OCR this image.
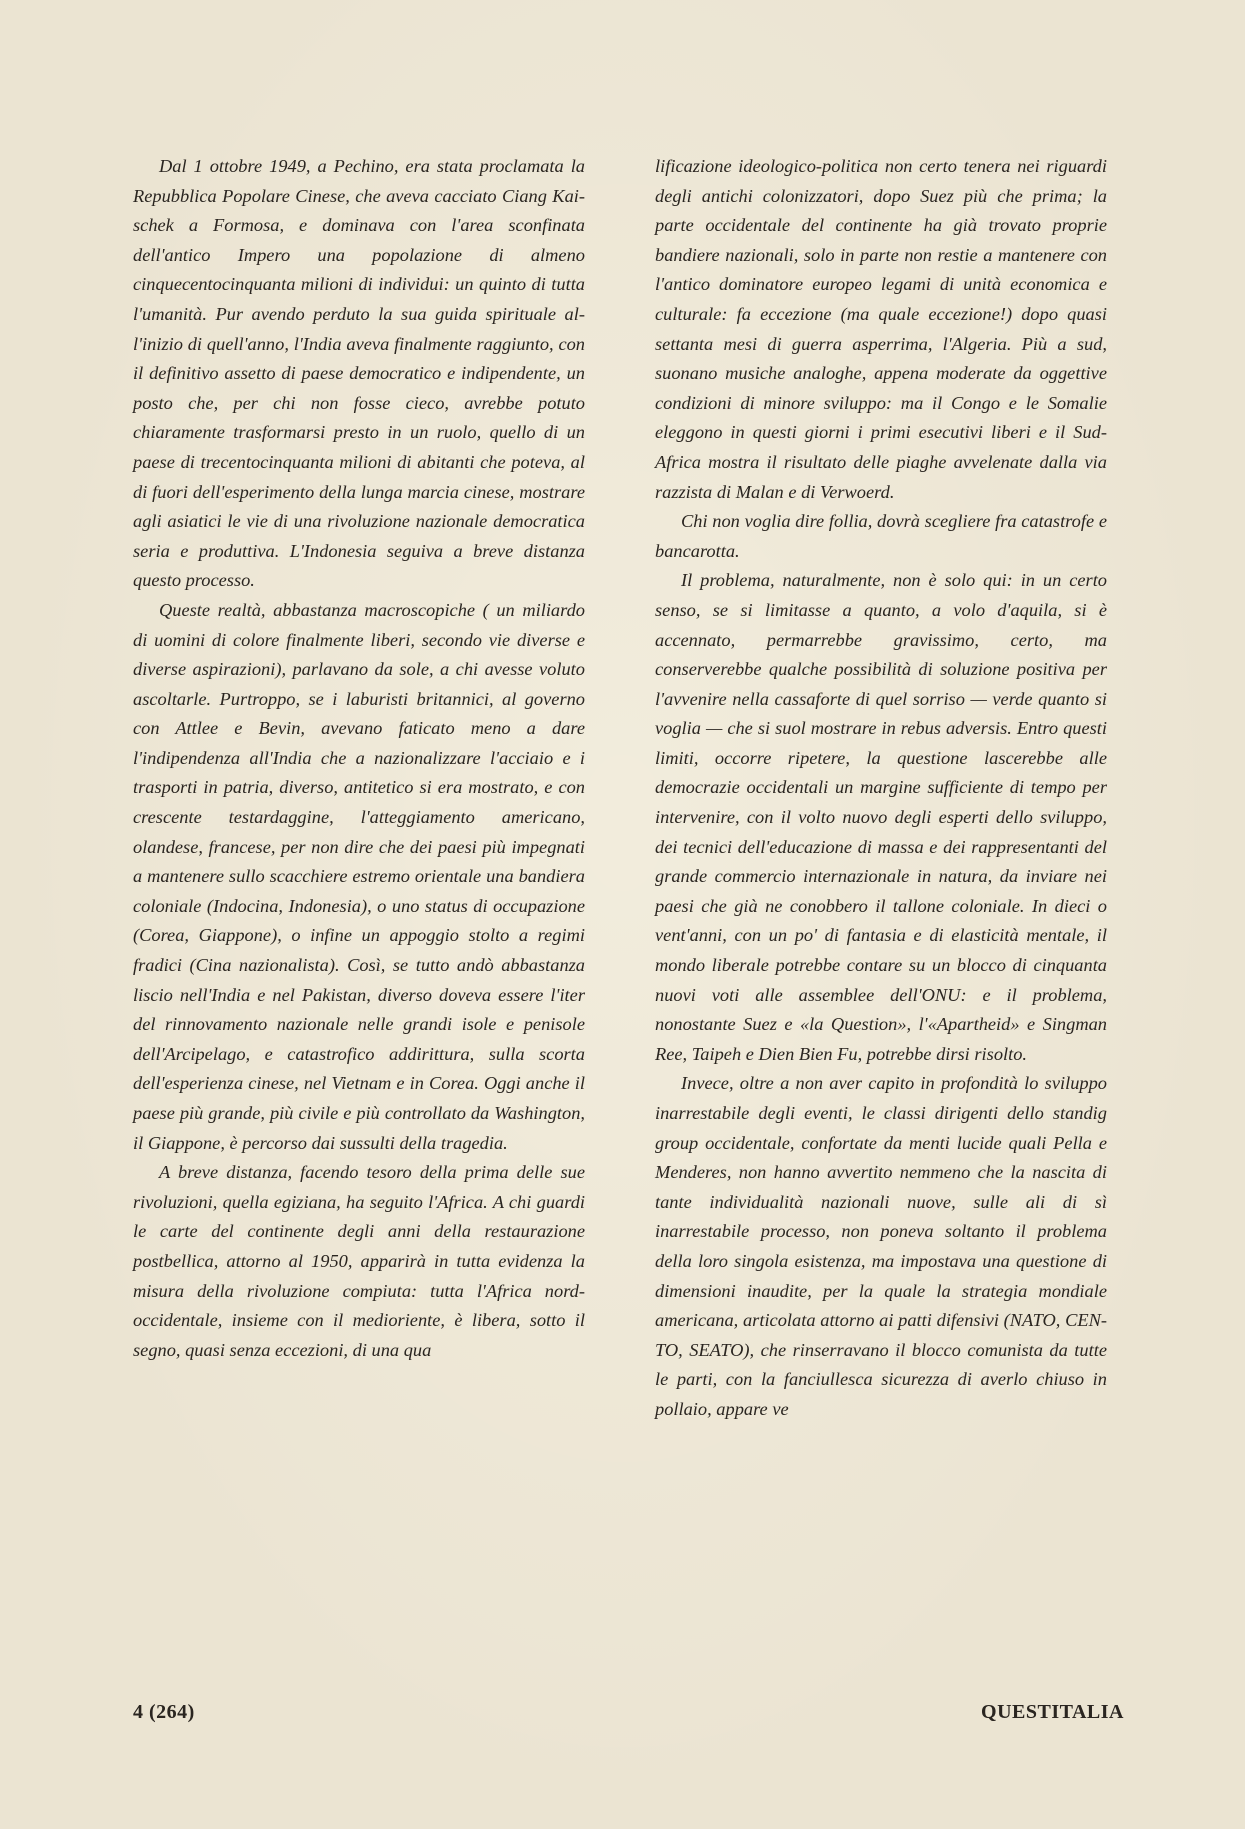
Dal 1 ottobre 1949, a Pechino, era stata proclamata la Repubblica Popolare Cinese, che aveva cacciato Ciang Kai-schek a Formosa, e dominava con l'area sconfinata dell'antico Impero una popolazione di almeno cinquecentocinquanta milioni di individui: un quinto di tutta l'umanità. Pur avendo perduto la sua guida spirituale all'inizio di quell'anno, l'India aveva finalmente raggiunto, con il definitivo assetto di paese democratico e indipendente, un posto che, per chi non fosse cieco, avrebbe potuto chiaramente trasformarsi presto in un ruolo, quello di un paese di trecentocinquanta milioni di abitanti che poteva, al di fuori dell'esperimento della lunga marcia cinese, mostrare agli asiatici le vie di una rivoluzione nazionale democratica seria e produttiva. L'Indonesia seguiva a breve distanza questo processo.

Queste realtà, abbastanza macroscopiche ( un miliardo di uomini di colore finalmente liberi, secondo vie diverse e diverse aspirazioni), parlavano da sole, a chi avesse voluto ascoltarle. Purtroppo, se i laburisti britannici, al governo con Attlee e Bevin, avevano faticato meno a dare l'indipendenza all'India che a nazionalizzare l'acciaio e i trasporti in patria, diverso, antitetico si era mostrato, e con crescente testardaggine, l'atteggiamento americano, olandese, francese, per non dire che dei paesi più impegnati a mantenere sullo scacchiere estremo orientale una bandiera coloniale (Indocina, Indonesia), o uno status di occupazione (Corea, Giappone), o infine un appoggio stolto a regimi fradici (Cina nazionalista). Così, se tutto andò abbastanza liscio nell'India e nel Pakistan, diverso doveva essere l'iter del rinnovamento nazionale nelle grandi isole e penisole dell'Arcipelago, e catastrofico addirittura, sulla scorta dell'esperienza cinese, nel Vietnam e in Corea. Oggi anche il paese più grande, più civile e più controllato da Washington, il Giappone, è percorso dai sussulti della tragedia.

A breve distanza, facendo tesoro della prima delle sue rivoluzioni, quella egiziana, ha seguito l'Africa. A chi guardi le carte del continente degli anni della restaurazione postbellica, attorno al 1950, apparirà in tutta evidenza la misura della rivoluzione compiuta: tutta l'Africa nord-occidentale, insieme con il medioriente, è libera, sotto il segno, quasi senza eccezioni, di una qua

lificazione ideologico-politica non certo tenera nei riguardi degli antichi colonizzatori, dopo Suez più che prima; la parte occidentale del continente ha già trovato proprie bandiere nazionali, solo in parte non restie a mantenere con l'antico dominatore europeo legami di unità economica e culturale: fa eccezione (ma quale eccezione!) dopo quasi settanta mesi di guerra asperrima, l'Algeria. Più a sud, suonano musiche analoghe, appena moderate da oggettive condizioni di minore sviluppo: ma il Congo e le Somalie eleggono in questi giorni i primi esecutivi liberi e il Sud-Africa mostra il risultato delle piaghe avvelenate dalla via razzista di Malan e di Verwoerd.

Chi non voglia dire follia, dovrà scegliere fra catastrofe e bancarotta.

Il problema, naturalmente, non è solo qui: in un certo senso, se si limitasse a quanto, a volo d'aquila, si è accennato, permarrebbe gravissimo, certo, ma conserverebbe qualche possibilità di soluzione positiva per l'avvenire nella cassaforte di quel sorriso — verde quanto si voglia — che si suol mostrare in rebus adversis. Entro questi limiti, occorre ripetere, la questione lascerebbe alle democrazie occidentali un margine sufficiente di tempo per intervenire, con il volto nuovo degli esperti dello sviluppo, dei tecnici dell'educazione di massa e dei rappresentanti del grande commercio internazionale in natura, da inviare nei paesi che già ne conobbero il tallone coloniale. In dieci o vent'anni, con un po' di fantasia e di elasticità mentale, il mondo liberale potrebbe contare su un blocco di cinquanta nuovi voti alle assemblee dell'ONU: e il problema, nonostante Suez e «la Question», l'«Apartheid» e Singman Ree, Taipeh e Dien Bien Fu, potrebbe dirsi risolto.

Invece, oltre a non aver capito in profondità lo sviluppo inarrestabile degli eventi, le classi dirigenti dello standig group occidentale, confortate da menti lucide quali Pella e Menderes, non hanno avvertito nemmeno che la nascita di tante individualità nazionali nuove, sulle ali di sì inarrestabile processo, non poneva soltanto il problema della loro singola esistenza, ma impostava una questione di dimensioni inaudite, per la quale la strategia mondiale americana, articolata attorno ai patti difensivi (NATO, CENTO, SEATO), che rinserravano il blocco comunista da tutte le parti, con la fanciullesca sicurezza di averlo chiuso in pollaio, appare ve

4 (264)	QUESTITALIA
